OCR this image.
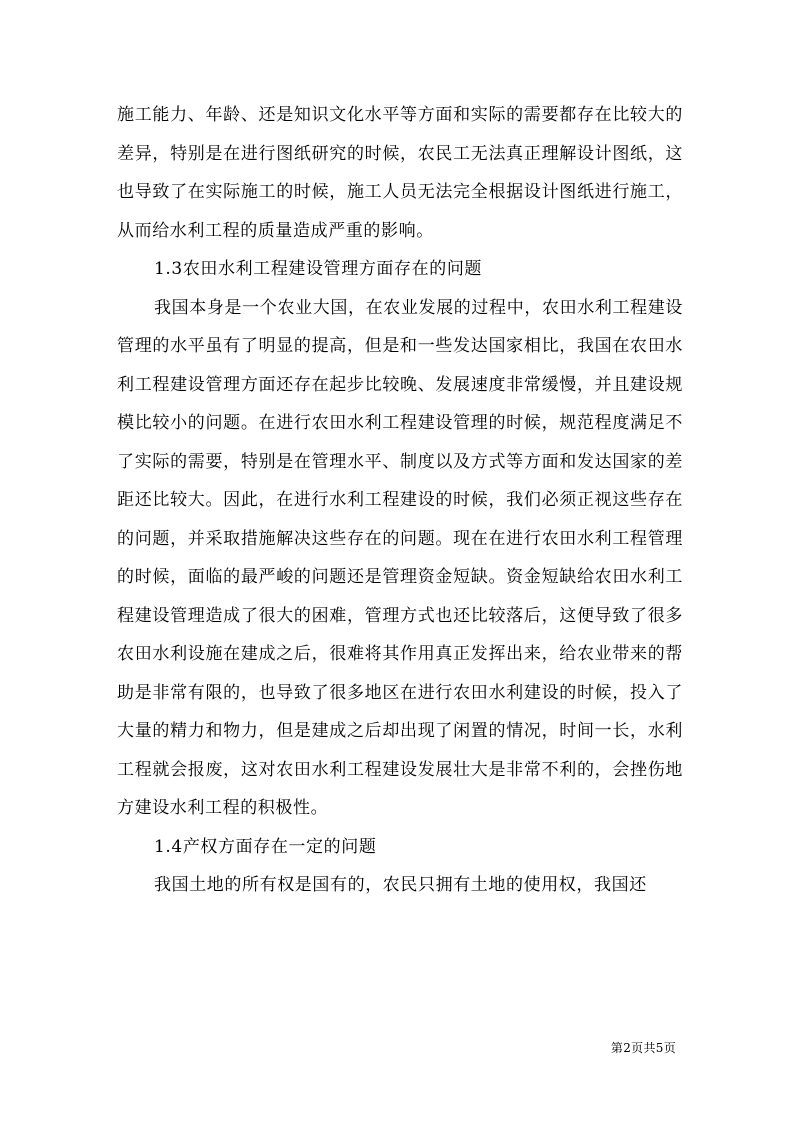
施工能力、年龄、还是知识文化水平等方面和实际的需要都存在比较大的差异，特别是在进行图纸研究的时候，农民工无法真正理解设计图纸，这也导致了在实际施工的时候，施工人员无法完全根据设计图纸进行施工，从而给水利工程的质量造成严重的影响。

1.3农田水利工程建设管理方面存在的问题

我国本身是一个农业大国，在农业发展的过程中，农田水利工程建设管理的水平虽有了明显的提高，但是和一些发达国家相比，我国在农田水利工程建设管理方面还存在起步比较晚、发展速度非常缓慢，并且建设规模比较小的问题。在进行农田水利工程建设管理的时候，规范程度满足不了实际的需要，特别是在管理水平、制度以及方式等方面和发达国家的差距还比较大。因此，在进行水利工程建设的时候，我们必须正视这些存在的问题，并采取措施解决这些存在的问题。现在在进行农田水利工程管理的时候，面临的最严峻的问题还是管理资金短缺。资金短缺给农田水利工程建设管理造成了很大的困难，管理方式也还比较落后，这便导致了很多农田水利设施在建成之后，很难将其作用真正发挥出来，给农业带来的帮助是非常有限的，也导致了很多地区在进行农田水利建设的时候，投入了大量的精力和物力，但是建成之后却出现了闲置的情况，时间一长，水利工程就会报废，这对农田水利工程建设发展壮大是非常不利的，会挫伤地方建设水利工程的积极性。

1.4产权方面存在一定的问题

我国土地的所有权是国有的，农民只拥有土地的使用权，我国还

第2页共5页
